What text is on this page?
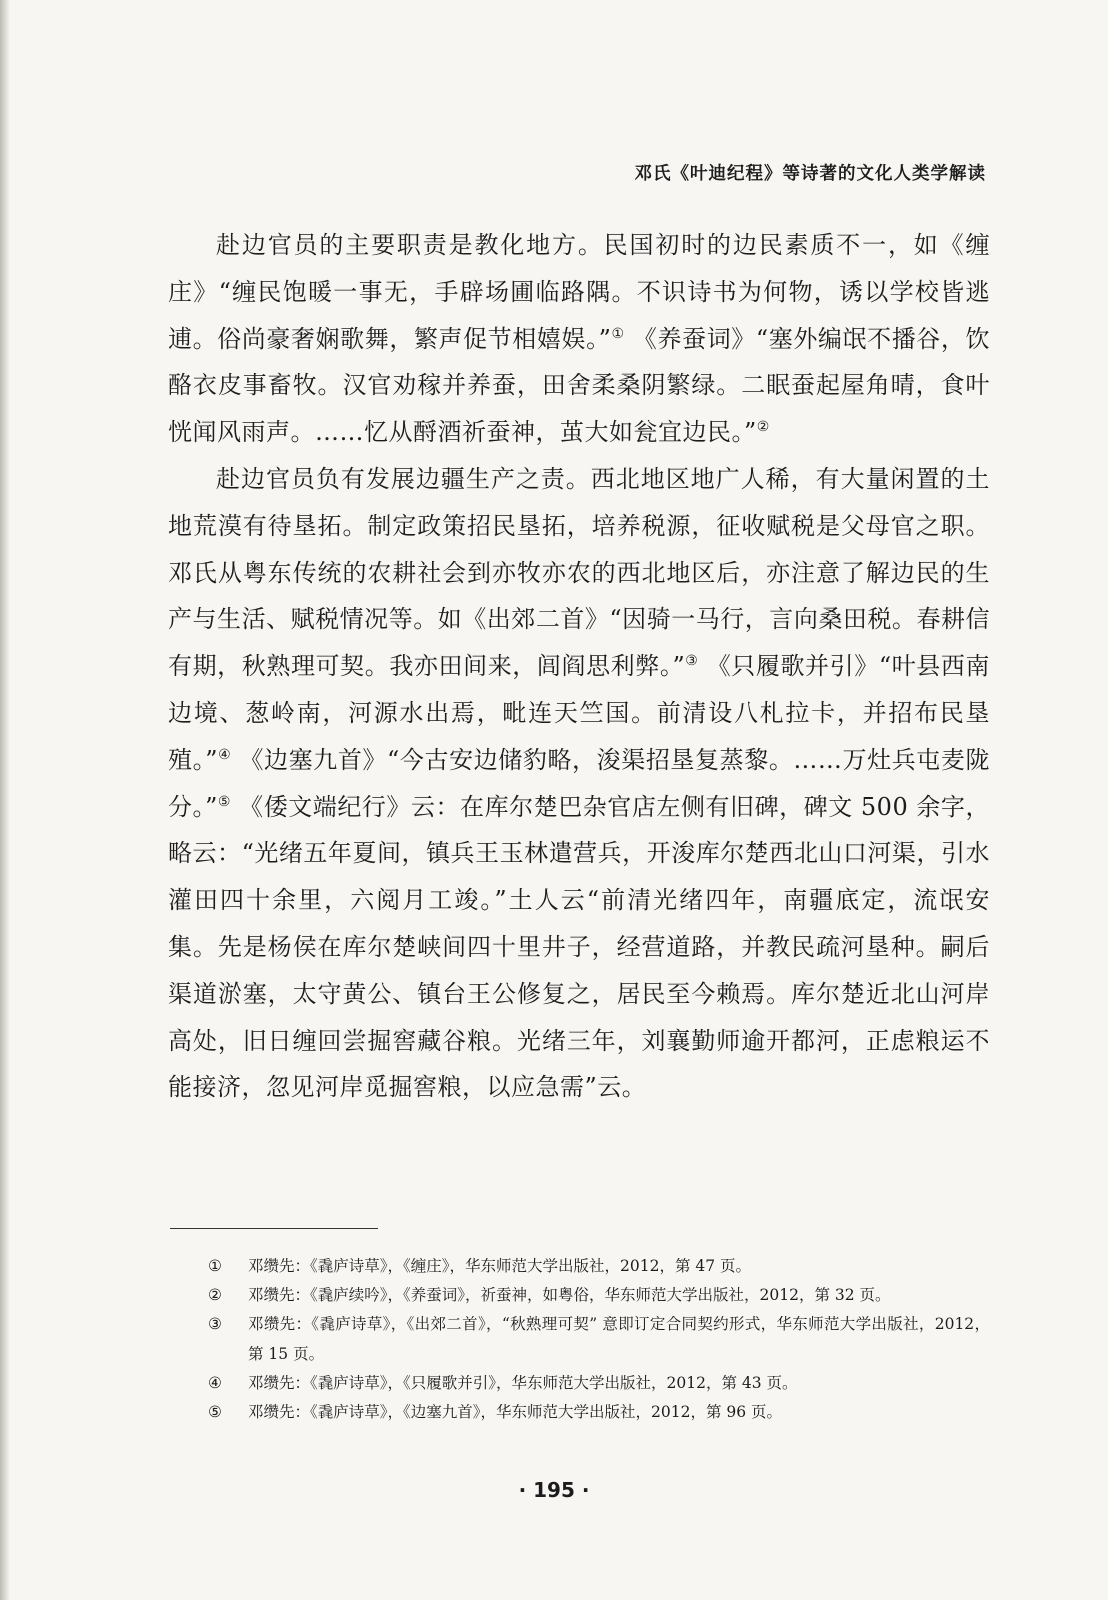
邓氏《叶迪纪程》等诗著的文化人类学解读

赴边官员的主要职责是教化地方。民国初时的边民素质不一，如《缠庄》“缠民饱暖一事无，手辟场圃临路隅。不识诗书为何物，诱以学校皆逃逋。俗尚豪奢娴歌舞，繁声促节相嬉娱。”① 《养蚕词》“塞外编氓不播谷，饮酪衣皮事畜牧。汉官劝稼并养蚕，田舍柔桑阴繁绿。二眠蚕起屋角晴，食叶恍闻风雨声。……忆从酹酒祈蚕神，茧大如瓮宜边民。”②

赴边官员负有发展边疆生产之责。西北地区地广人稀，有大量闲置的土地荒漠有待垦拓。制定政策招民垦拓，培养税源，征收赋税是父母官之职。邓氏从粤东传统的农耕社会到亦牧亦农的西北地区后，亦注意了解边民的生产与生活、赋税情况等。如《出郊二首》“因骑一马行，言向桑田税。春耕信有期，秋熟理可契。我亦田间来，闾阎思利弊。”③ 《只履歌并引》“叶县西南边境、葱岭南，河源水出焉，毗连天竺国。前清设八札拉卡，并招布民垦殖。”④ 《边塞九首》“今古安边储豹略，浚渠招垦复蒸黎。……万灶兵屯麦陇分。”⑤ 《倭文端纪行》云：在库尔楚巴杂官店左侧有旧碑，碑文 500 余字，略云：“光绪五年夏间，镇兵王玉林遣营兵，开浚库尔楚西北山口河渠，引水灌田四十余里，六阅月工竣。”土人云“前清光绪四年，南疆底定，流氓安集。先是杨侯在库尔楚峡间四十里井子，经营道路，并教民疏河垦种。嗣后渠道淤塞，太守黄公、镇台王公修复之，居民至今赖焉。库尔楚近北山河岸高处，旧日缠回尝掘窖藏谷粮。光绪三年，刘襄勤师逾开都河，正虑粮运不能接济，忽见河岸觅掘窖粮，以应急需”云。

① 邓缵先：《毳庐诗草》，《缠庄》，华东师范大学出版社，2012，第 47 页。
② 邓缵先：《毳庐续吟》，《养蚕词》，祈蚕神，如粤俗，华东师范大学出版社，2012，第 32 页。
③ 邓缵先：《毳庐诗草》，《出郊二首》，“秋熟理可契” 意即订定合同契约形式，华东师范大学出版社，2012，第 15 页。
④ 邓缵先：《毳庐诗草》，《只履歌并引》，华东师范大学出版社，2012，第 43 页。
⑤ 邓缵先：《毳庐诗草》，《边塞九首》，华东师范大学出版社，2012，第 96 页。
· 195 ·
